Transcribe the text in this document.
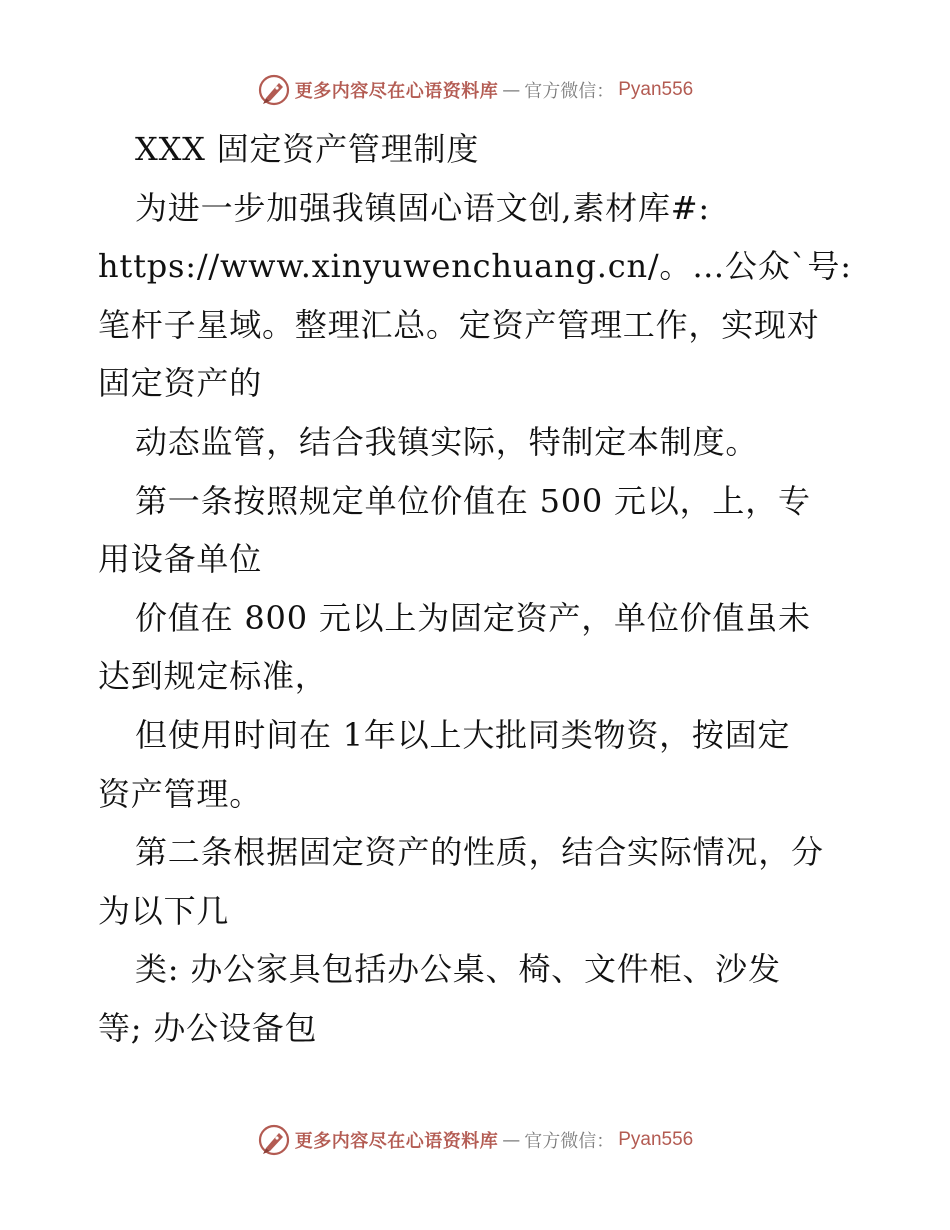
更多内容尽在心语资料库 — 官方微信： Pyan556
XXX 固定资产管理制度
为进一步加强我镇固心语文创,素材库#:
https://www.xinyuwenchuang.cn/。…公众`号:
笔杆子星域。整理汇总。定资产管理工作，实现对
固定资产的
动态监管，结合我镇实际，特制定本制度。
第一条按照规定单位价值在 500 元以，上，专
用设备单位
价值在 800 元以上为固定资产，单位价值虽未
达到规定标准，
但使用时间在 1年以上大批同类物资，按固定
资产管理。
第二条根据固定资产的性质，结合实际情况，分
为以下几
类: 办公家具包括办公桌、椅、文件柜、沙发
等; 办公设备包
更多内容尽在心语资料库 — 官方微信： Pyan556
